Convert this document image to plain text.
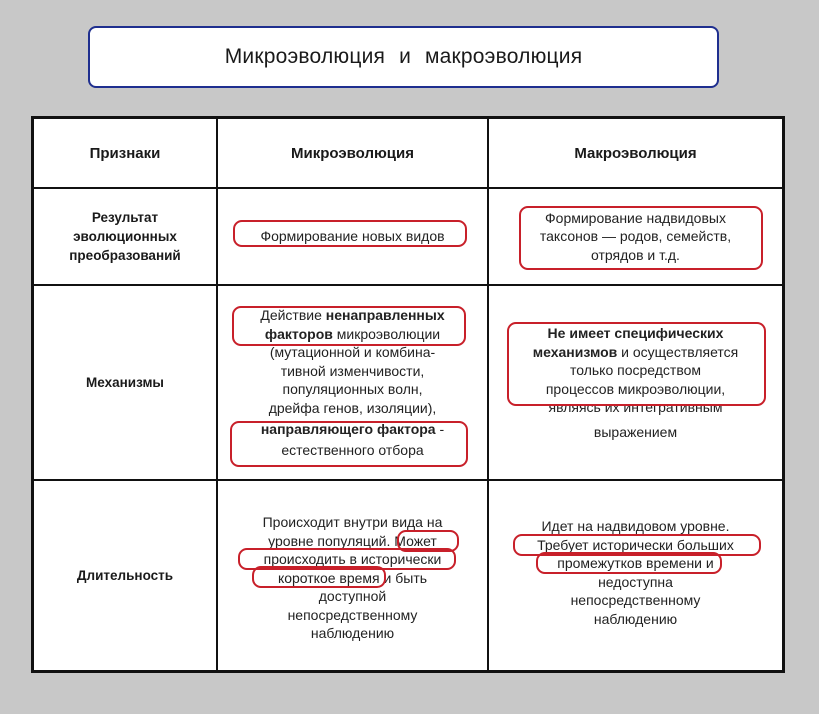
Микроэволюция и макроэволюция
Признаки	Микроэволюция	Макроэволюция
Результат
эволюционных
преобразований
Формирование новых видов
Формирование надвидовых
таксонов — родов, семейств,
отрядов и т.д.
Механизмы
Действие ненаправленных
факторов микроэволюции
(мутационной и комбина-
тивной изменчивости,
популяционных волн,
дрейфа генов, изоляции),
направляющего фактора -
естественного отбора
Не имеет специфических
механизмов и осуществляется
только посредством
процессов микроэволюции,
являясь их интегративным
выражением
Длительность
Происходит внутри вида на
уровне популяций. Может
происходить в исторически
короткое время и быть
доступной
непосредственному
наблюдению
Идет на надвидовом уровне.
Требует исторически больших
промежутков времени и
недоступна
непосредственному
наблюдению
